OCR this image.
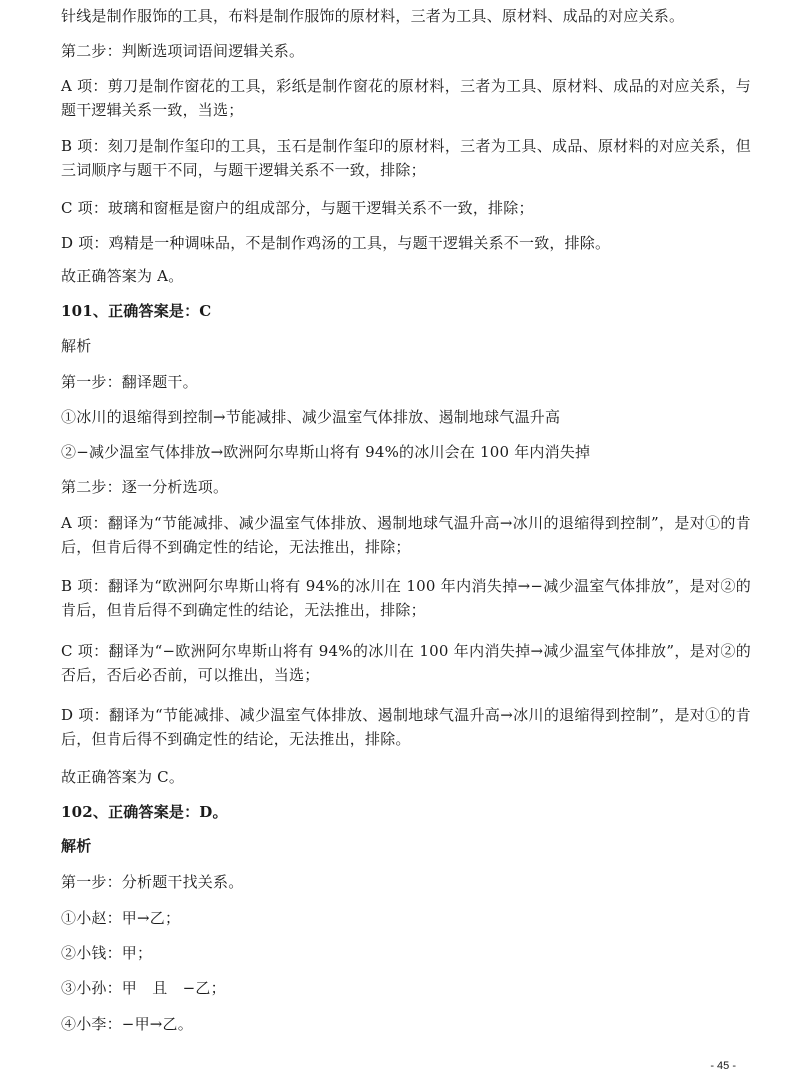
针线是制作服饰的工具，布料是制作服饰的原材料，三者为工具、原材料、成品的对应关系。

第二步：判断选项词语间逻辑关系。

A 项：剪刀是制作窗花的工具，彩纸是制作窗花的原材料，三者为工具、原材料、成品的对应关系，与题干逻辑关系一致，当选；

B 项：刻刀是制作玺印的工具，玉石是制作玺印的原材料，三者为工具、成品、原材料的对应关系，但三词顺序与题干不同，与题干逻辑关系不一致，排除；

C 项：玻璃和窗框是窗户的组成部分，与题干逻辑关系不一致，排除；

D 项：鸡精是一种调味品，不是制作鸡汤的工具，与题干逻辑关系不一致，排除。

故正确答案为 A。

101、正确答案是：C

解析

第一步：翻译题干。

①冰川的退缩得到控制→节能减排、减少温室气体排放、遏制地球气温升高

②−减少温室气体排放→欧洲阿尔卑斯山将有 94%的冰川会在 100 年内消失掉

第二步：逐一分析选项。

A 项：翻译为“节能减排、减少温室气体排放、遏制地球气温升高→冰川的退缩得到控制”，是对①的肯后，但肯后得不到确定性的结论，无法推出，排除；

B 项：翻译为“欧洲阿尔卑斯山将有 94%的冰川在 100 年内消失掉→−减少温室气体排放”，是对②的肯后，但肯后得不到确定性的结论，无法推出，排除；

C 项：翻译为“−欧洲阿尔卑斯山将有 94%的冰川在 100 年内消失掉→减少温室气体排放”，是对②的否后，否后必否前，可以推出，当选；

D 项：翻译为“节能减排、减少温室气体排放、遏制地球气温升高→冰川的退缩得到控制”，是对①的肯后，但肯后得不到确定性的结论，无法推出，排除。

故正确答案为 C。

102、正确答案是：D。

解析

第一步：分析题干找关系。

①小赵：甲→乙；

②小钱：甲；

③小孙：甲　且　−乙；

④小李：−甲→乙。

- 45 -
